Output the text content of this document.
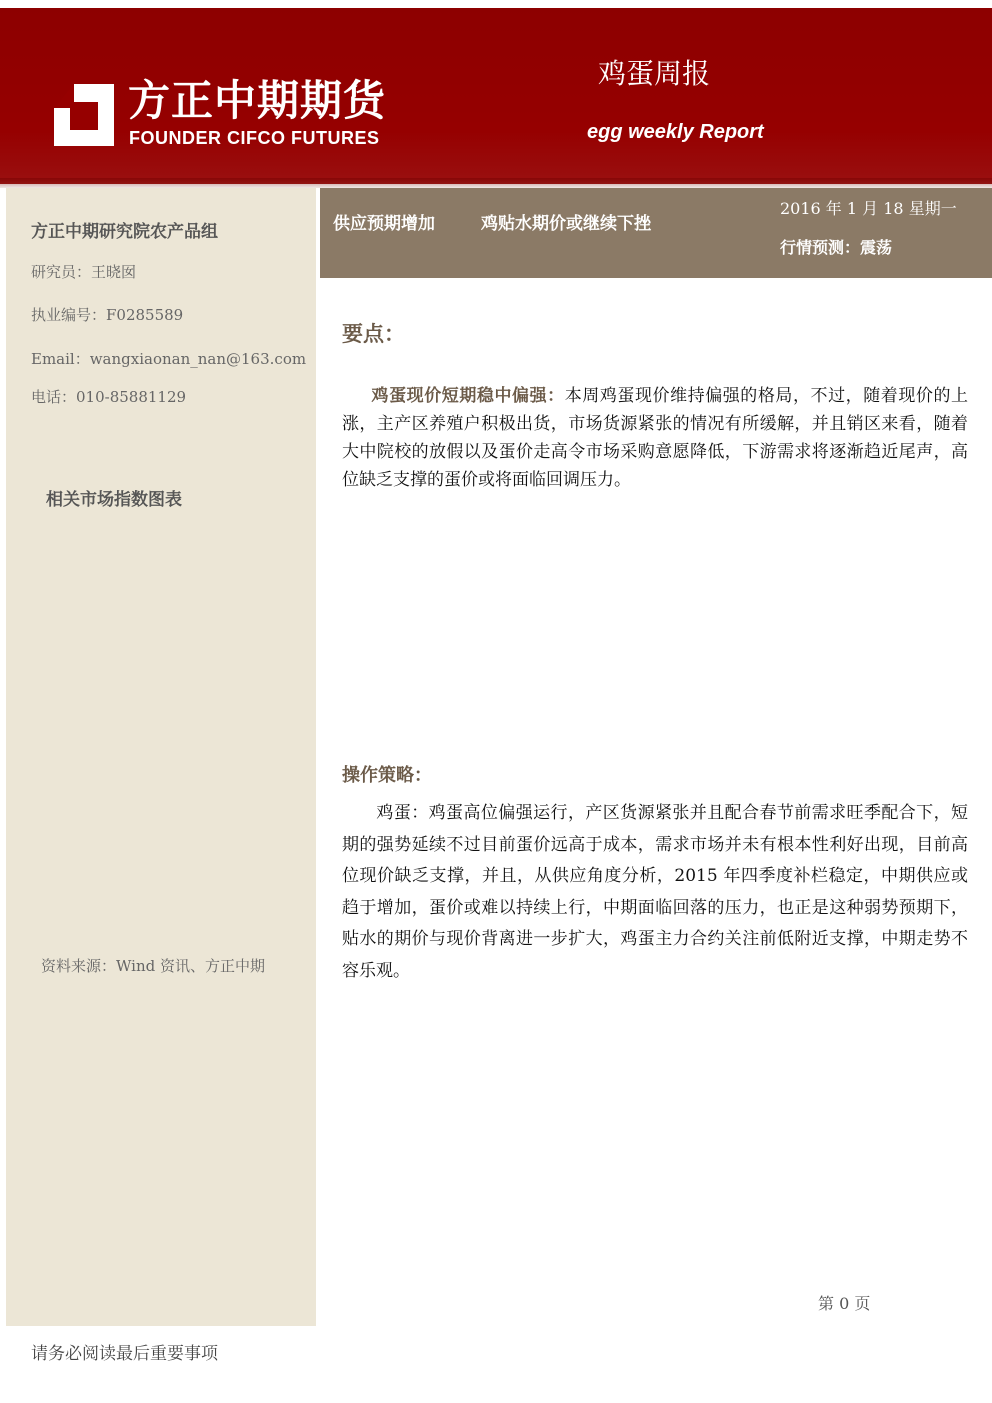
方正中期期货
FOUNDER CIFCO FUTURES
鸡蛋周报
egg weekly Report
方正中期研究院农产品组
研究员：王晓囡
执业编号：F0285589
Email：wangxiaonan_nan@163.com
电话：010-85881129
相关市场指数图表
资料来源：Wind 资讯、方正中期
供应预期增加	鸡贴水期价或继续下挫
2016 年 1 月 18 星期一
行情预测：震荡
要点：
鸡蛋现价短期稳中偏强：本周鸡蛋现价维持偏强的格局，不过，随着现价的上涨，主产区养殖户积极出货，市场货源紧张的情况有所缓解，并且销区来看，随着大中院校的放假以及蛋价走高令市场采购意愿降低，下游需求将逐渐趋近尾声，高位缺乏支撑的蛋价或将面临回调压力。
操作策略：
鸡蛋：鸡蛋高位偏强运行，产区货源紧张并且配合春节前需求旺季配合下，短期的强势延续不过目前蛋价远高于成本，需求市场并未有根本性利好出现，目前高位现价缺乏支撑，并且，从供应角度分析，2015 年四季度补栏稳定，中期供应或趋于增加，蛋价或难以持续上行，中期面临回落的压力，也正是这种弱势预期下，贴水的期价与现价背离进一步扩大，鸡蛋主力合约关注前低附近支撑，中期走势不容乐观。
第 0 页
请务必阅读最后重要事项
